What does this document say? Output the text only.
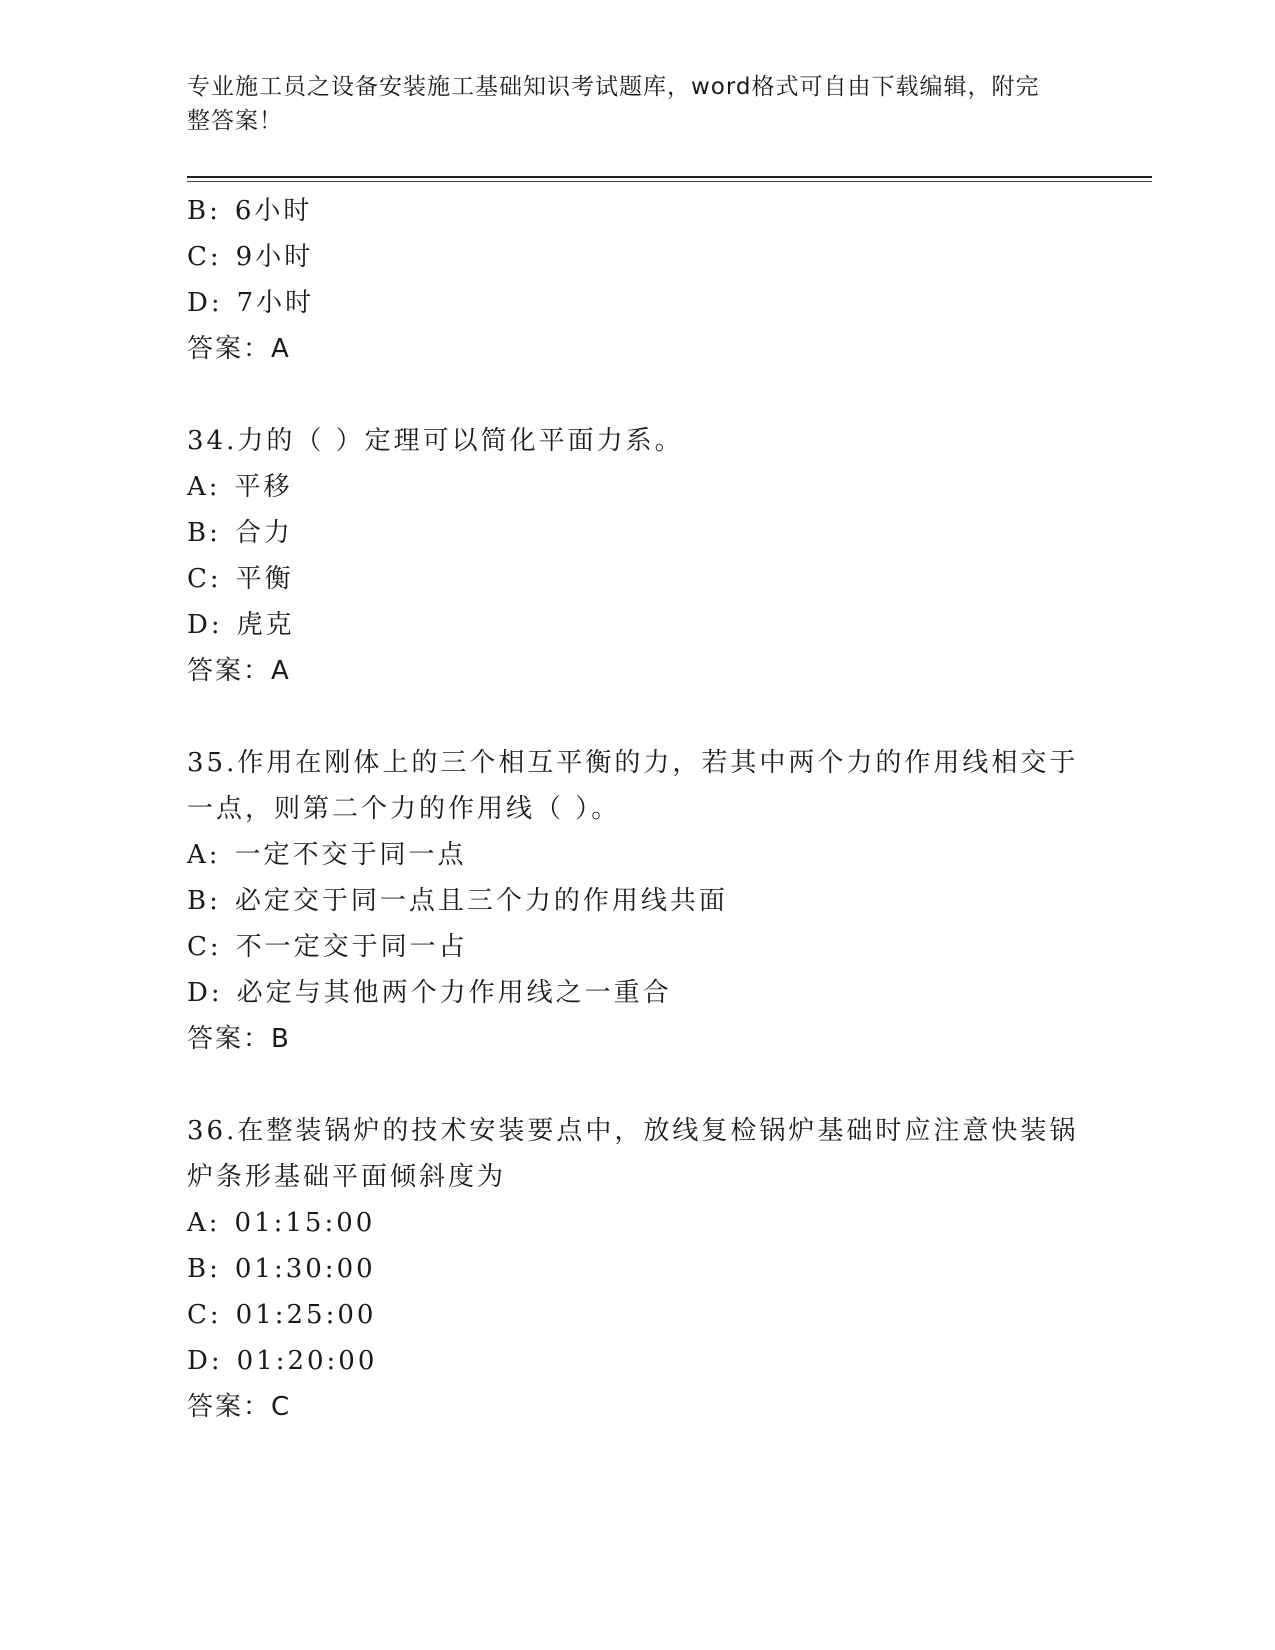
专业施工员之设备安装施工基础知识考试题库，word格式可自由下载编辑，附完
整答案！
B: 6小时
C: 9小时
D: 7小时
答案：A
34.力的（ ）定理可以简化平面力系。
A: 平移
B: 合力
C: 平衡
D: 虎克
答案：A
35.作用在刚体上的三个相互平衡的力，若其中两个力的作用线相交于
一点，则第二个力的作用线（ ）。
A: 一定不交于同一点
B: 必定交于同一点且三个力的作用线共面
C: 不一定交于同一占
D: 必定与其他两个力作用线之一重合
答案：B
36.在整装锅炉的技术安装要点中，放线复检锅炉基础时应注意快装锅
炉条形基础平面倾斜度为
A: 01:15:00
B: 01:30:00
C: 01:25:00
D: 01:20:00
答案：C
